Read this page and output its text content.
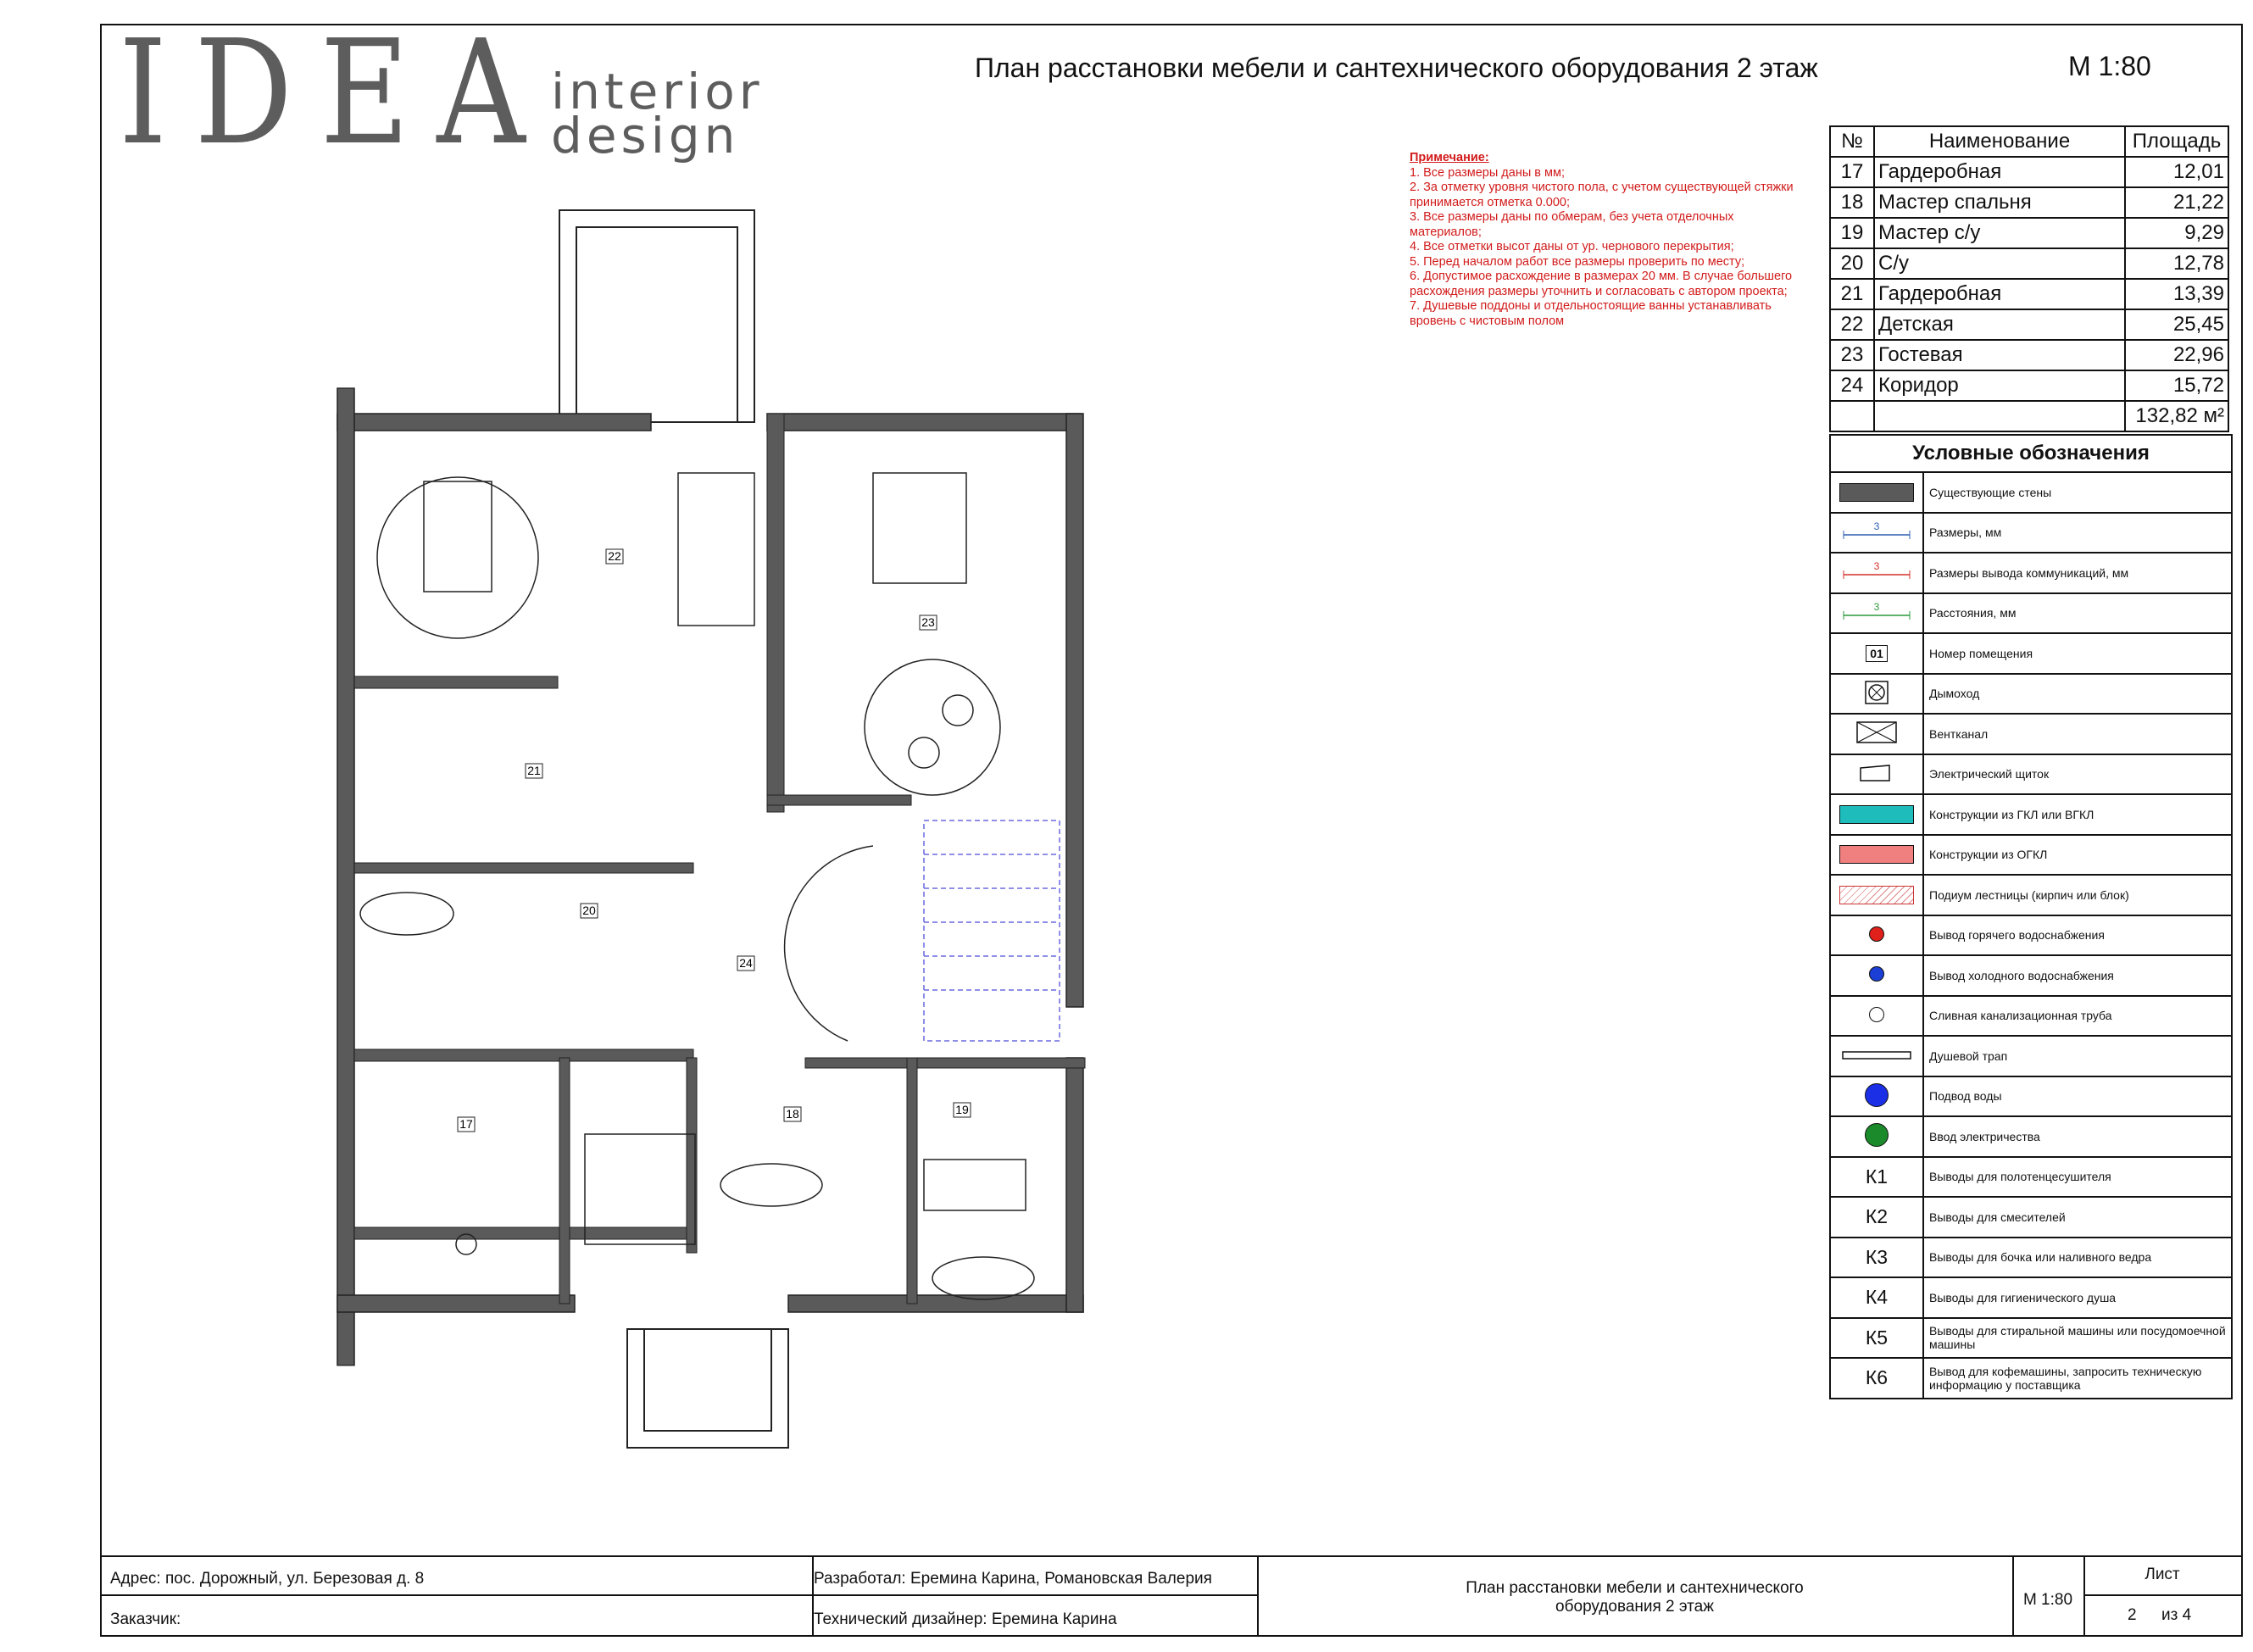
IDEA
interior
design
План расстановки мебели и сантехнического оборудования 2 этаж	М 1:80
Примечание:
1. Все размеры даны в мм;
2. За отметку уровня чистого пола, с учетом существующей стяжки принимается отметка 0.000;
3. Все размеры даны по обмерам, без учета отделочных материалов;
4. Все отметки высот даны от ур. чернового перекрытия;
5. Перед началом работ все размеры проверить по месту;
6. Допустимое расхождение в размерах 20 мм. В случае большего расхождения размеры уточнить и согласовать с автором проекта;
7. Душевые поддоны и отдельностоящие ванны устанавливать вровень с чистовым полом
№	Наименование	Площадь
17	Гардеробная	12,01
18	Мастер спальня	21,22
19	Мастер с/у	9,29
20	С/у	12,78
21	Гардеробная	13,39
22	Детская	25,45
23	Гостевая	22,96
24	Коридор	15,72
		132,82 м²
Условные обозначения	
	Существующие стены

3	Размеры, мм

3	Размеры вывода коммуникаций, мм

3	Расстояния, мм
01	Номер помещения
	Дымоход
	Вентканал
	Электрический щиток
	Конструкции из ГКЛ или ВГКЛ
	Конструкции из ОГКЛ
	Подиум лестницы (кирпич или блок)
	Вывод горячего водоснабжения
	Вывод холодного водоснабжения
	Сливная канализационная труба
	Душевой трап
	Подвод воды
	Ввод электричества
К1	Выводы для полотенцесушителя
К2	Выводы для смесителей
К3	Выводы для бочка или наливного ведра
К4	Выводы для гигиенического душа
К5	Выводы для стиральной машины или посудомоечной машины
К6	Вывод для кофемашины, запросить техническую информацию у поставщика
22
23
21
20
24
17
18	19
Адрес: пос. Дорожный, ул. Березовая д. 8
Заказчик:
Разработал: Еремина Карина, Романовская Валерия
Технический дизайнер: Еремина Карина
План расстановки мебели и сантехнического
оборудования 2 этаж	М 1:80
Лист
2 из 4
